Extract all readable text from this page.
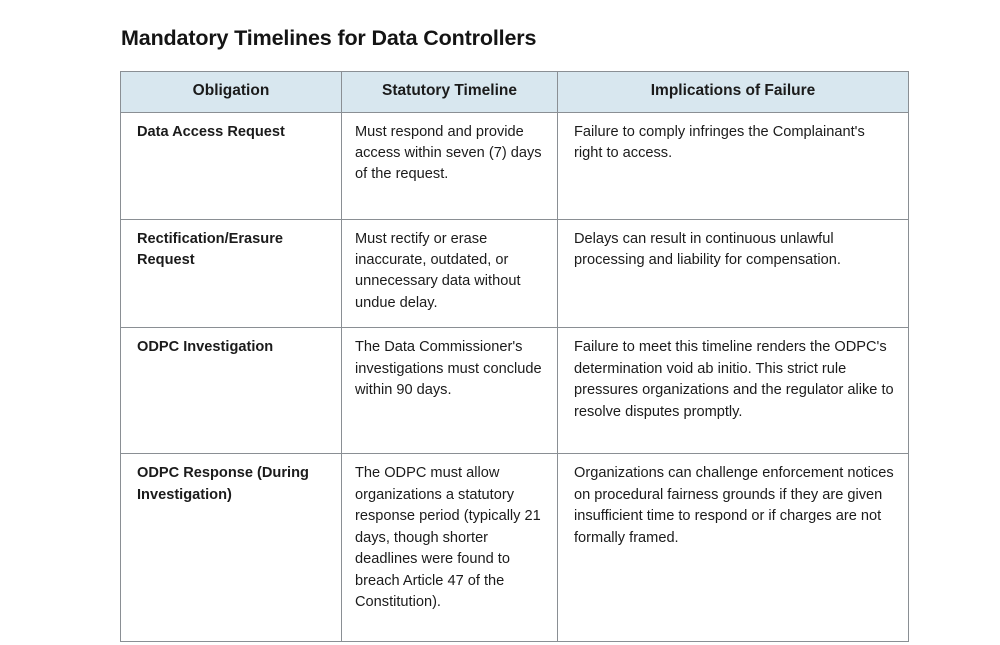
Mandatory Timelines for Data Controllers
Obligation	Statutory Timeline	Implications of Failure
Data Access Request	Must respond and provide access within seven (7) days of the request.	Failure to comply infringes the Complainant's right to access.
Rectification/Erasure Request	Must rectify or erase inaccurate, outdated, or unnecessary data without undue delay.	Delays can result in continuous unlawful processing and liability for compensation.
ODPC Investigation	The Data Commissioner's investigations must conclude within 90 days.	Failure to meet this timeline renders the ODPC's determination void ab initio. This strict rule pressures organizations and the regulator alike to resolve disputes promptly.
ODPC Response (During Investigation)	The ODPC must allow organizations a statutory response period (typically 21 days, though shorter deadlines were found to breach Article 47 of the Constitution).	Organizations can challenge enforcement notices on procedural fairness grounds if they are given insufficient time to respond or if charges are not formally framed.
